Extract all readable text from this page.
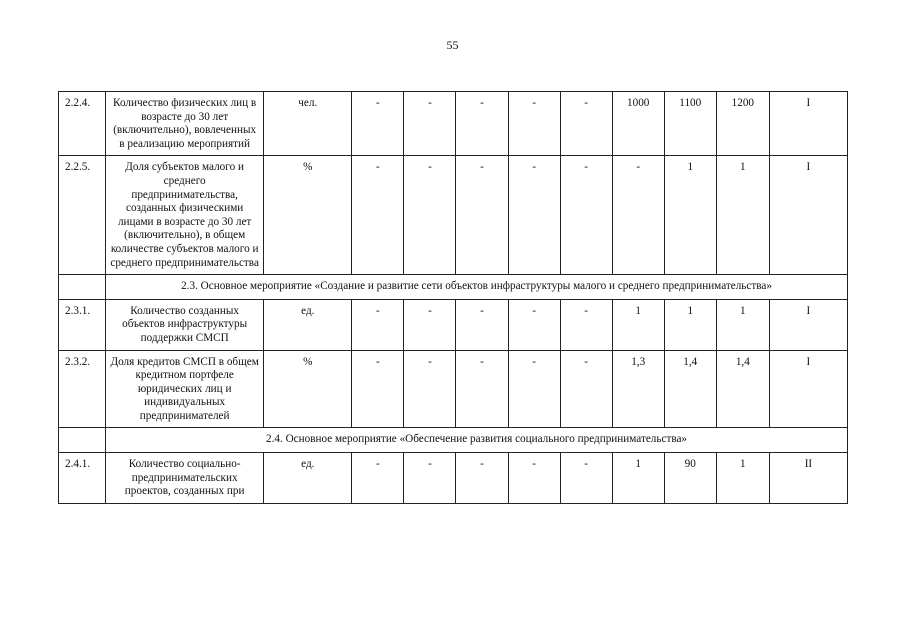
55
2.2.4.	Количество физических лиц в возрасте до 30 лет (включительно), вовлеченных в реализацию мероприятий	чел.	-	-	-	-	-	1000	1100	1200	I
2.2.5.	Доля субъектов малого и среднего предпринимательства, созданных физическими лицами в возрасте до 30 лет (включительно), в общем количестве субъектов малого и среднего предпринимательства	%	-	-	-	-	-	-	1	1	I
	2.3. Основное мероприятие «Создание и развитие сети объектов инфраструктуры малого и среднего предпринимательства»										
2.3.1.	Количество созданных объектов инфраструктуры поддержки СМСП	ед.	-	-	-	-	-	1	1	1	I
2.3.2.	Доля кредитов СМСП в общем кредитном портфеле юридических лиц и индивидуальных предпринимателей	%	-	-	-	-	-	1,3	1,4	1,4	I
	2.4. Основное мероприятие «Обеспечение развития социального предпринимательства»										
2.4.1.	Количество социально-предпринимательских проектов, созданных при	ед.	-	-	-	-	-	1	90	1	II
